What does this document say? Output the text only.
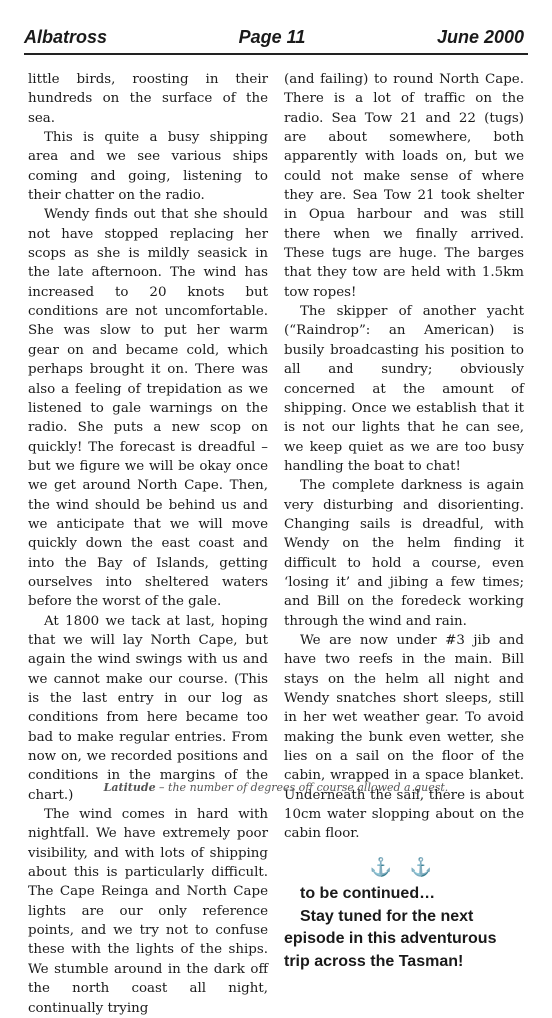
Albatross	Page 11	June 2000

little birds, roosting in their hundreds on the surface of the sea.

This is quite a busy shipping area and we see various ships coming and going, listening to their chatter on the radio.

Wendy finds out that she should not have stopped replacing her scops as she is mildly seasick in the late afternoon. The wind has increased to 20 knots but conditions are not uncomfortable. She was slow to put her warm gear on and became cold, which perhaps brought it on. There was also a feeling of trepidation as we listened to gale warnings on the radio. She puts a new scop on quickly! The forecast is dreadful – but we figure we will be okay once we get around North Cape. Then, the wind should be behind us and we anticipate that we will move quickly down the east coast and into the Bay of Islands, getting ourselves into sheltered waters before the worst of the gale.

At 1800 we tack at last, hoping that we will lay North Cape, but again the wind swings with us and we cannot make our course. (This is the last entry in our log as conditions from here became too bad to make regular entries. From now on, we recorded positions and conditions in the margins of the chart.)

The wind comes in hard with nightfall. We have extremely poor visibility, and with lots of shipping about this is particularly difficult. The Cape Reinga and North Cape lights are our only reference points, and we try not to confuse these with the lights of the ships. We stumble around in the dark off the north coast all night, continually trying

(and failing) to round North Cape. There is a lot of traffic on the radio. Sea Tow 21 and 22 (tugs) are about somewhere, both apparently with loads on, but we could not make sense of where they are. Sea Tow 21 took shelter in Opua harbour and was still there when we finally arrived. These tugs are huge. The barges that they tow are held with 1.5km tow ropes!

The skipper of another yacht (“Raindrop”: an American) is busily broadcasting his position to all and sundry; obviously concerned at the amount of shipping. Once we establish that it is not our lights that he can see, we keep quiet as we are too busy handling the boat to chat!

The complete darkness is again very disturbing and disorienting. Changing sails is dreadful, with Wendy on the helm finding it difficult to hold a course, even ‘losing it’ and jibing a few times; and Bill on the foredeck working through the wind and rain.

We are now under #3 jib and have two reefs in the main. Bill stays on the helm all night and Wendy snatches short sleeps, still in her wet weather gear. To avoid making the bunk even wetter, she lies on a sail on the floor of the cabin, wrapped in a space blanket. Underneath the sail, there is about 10cm water slopping about on the cabin floor.

⚓ ⚓

to be continued…

Stay tuned for the next episode in this adventurous trip across the Tasman!

Latitude – the number of degrees off course allowed a guest.
